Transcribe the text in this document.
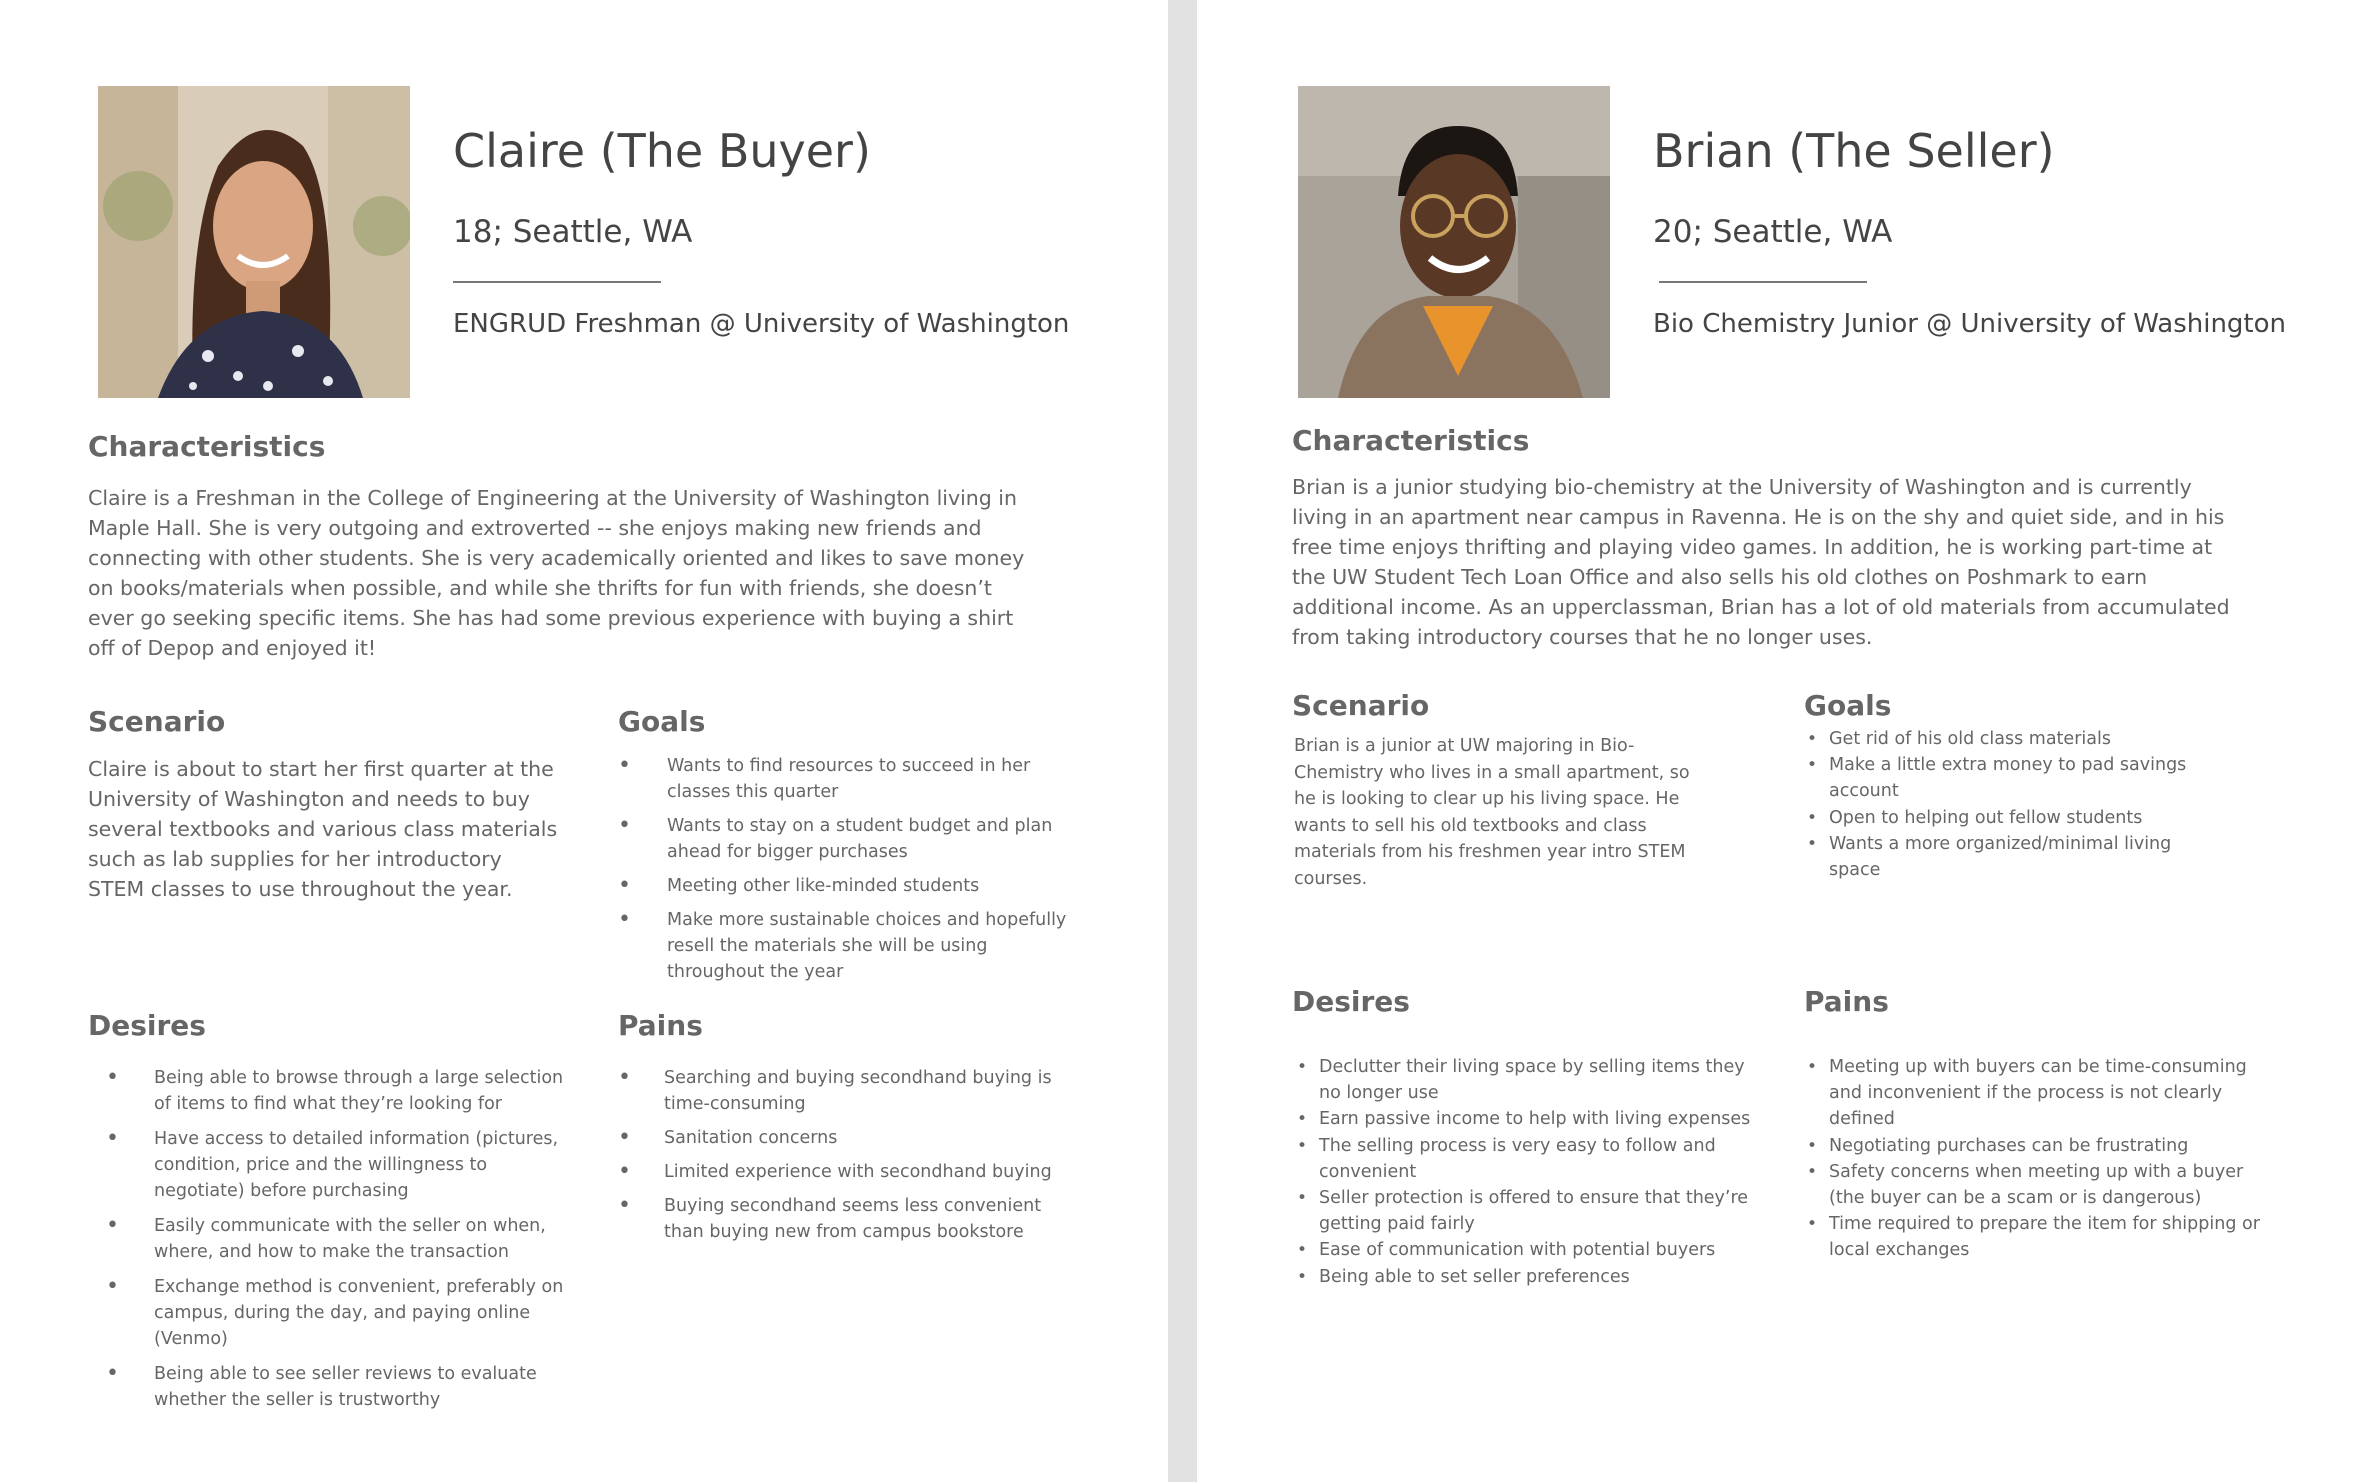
Claire (The Buyer)
18; Seattle, WA
ENGRUD Freshman @ University of Washington
Characteristics

Claire is a Freshman in the College of Engineering at the University of Washington living in Maple Hall. She is very outgoing and extroverted -- she enjoys making new friends and connecting with other students. She is very academically oriented and likes to save money on books/materials when possible, and while she thrifts for fun with friends, she doesn’t ever go seeking specific items. She has had some previous experience with buying a shirt off of Depop and enjoyed it!

Scenario

Claire is about to start her first quarter at the University of Washington and needs to buy several textbooks and various class materials such as lab supplies for her introductory STEM classes to use throughout the year.

Goals
• Wants to find resources to succeed in her classes this quarter
• Wants to stay on a student budget and plan ahead for bigger purchases
• Meeting other like-minded students
• Make more sustainable choices and hopefully resell the materials she will be using throughout the year
Desires
• Being able to browse through a large selection of items to find what they’re looking for
• Have access to detailed information (pictures, condition, price and the willingness to negotiate) before purchasing
• Easily communicate with the seller on when, where, and how to make the transaction
• Exchange method is convenient, preferably on campus, during the day, and paying online (Venmo)
• Being able to see seller reviews to evaluate whether the seller is trustworthy
Pains
• Searching and buying secondhand buying is time-consuming
• Sanitation concerns
• Limited experience with secondhand buying
• Buying secondhand seems less convenient than buying new from campus bookstore
Brian (The Seller)
20; Seattle, WA
Bio Chemistry Junior @ University of Washington
Characteristics

Brian is a junior studying bio-chemistry at the University of Washington and is currently living in an apartment near campus in Ravenna. He is on the shy and quiet side, and in his free time enjoys thrifting and playing video games. In addition, he is working part-time at the UW Student Tech Loan Office and also sells his old clothes on Poshmark to earn additional income. As an upperclassman, Brian has a lot of old materials from accumulated from taking introductory courses that he no longer uses.

Scenario

Brian is a junior at UW majoring in Bio-Chemistry who lives in a small apartment, so he is looking to clear up his living space. He wants to sell his old textbooks and class materials from his freshmen year intro STEM courses.

Goals
• Get rid of his old class materials
• Make a little extra money to pad savings account
• Open to helping out fellow students
• Wants a more organized/minimal living space
Desires
• Declutter their living space by selling items they no longer use
• Earn passive income to help with living expenses
• The selling process is very easy to follow and convenient
• Seller protection is offered to ensure that they’re getting paid fairly
• Ease of communication with potential buyers
• Being able to set seller preferences
Pains
• Meeting up with buyers can be time-consuming and inconvenient if the process is not clearly defined
• Negotiating purchases can be frustrating
• Safety concerns when meeting up with a buyer (the buyer can be a scam or is dangerous)
• Time required to prepare the item for shipping or local exchanges
